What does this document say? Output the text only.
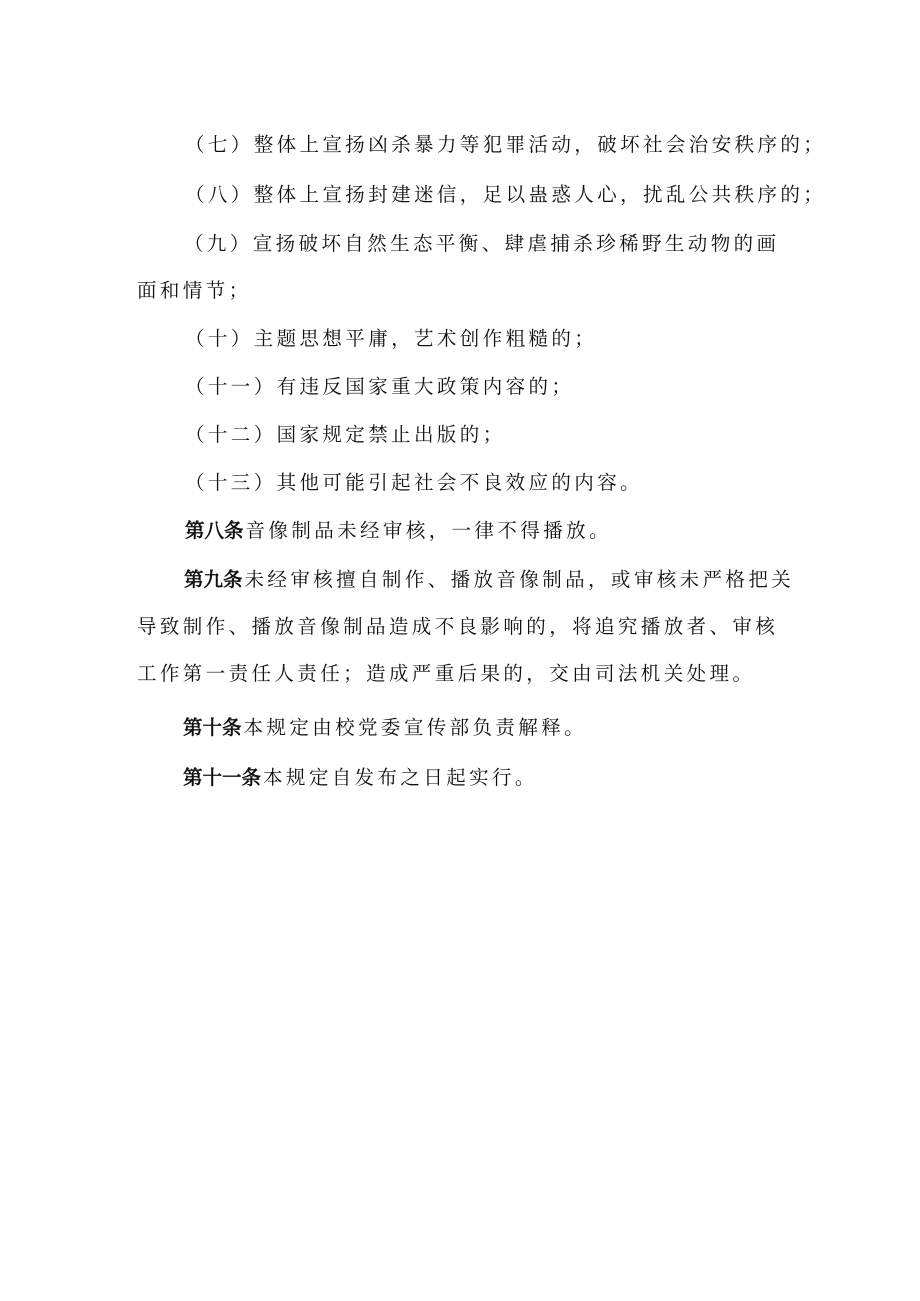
（七）整体上宣扬凶杀暴力等犯罪活动，破坏社会治安秩序的；
（八）整体上宣扬封建迷信，足以蛊惑人心，扰乱公共秩序的；
（九）宣扬破坏自然生态平衡、肆虐捕杀珍稀野生动物的画面和情节；
（十）主题思想平庸，艺术创作粗糙的；
（十一）有违反国家重大政策内容的；
（十二）国家规定禁止出版的；
（十三）其他可能引起社会不良效应的内容。
第八条 音像制品未经审核，一律不得播放。
第九条 未经审核擅自制作、播放音像制品，或审核未严格把关导致制作、播放音像制品造成不良影响的，将追究播放者、审核工作第一责任人责任；造成严重后果的，交由司法机关处理。
第十条 本规定由校党委宣传部负责解释。
第十一条 本规定自发布之日起实行。
